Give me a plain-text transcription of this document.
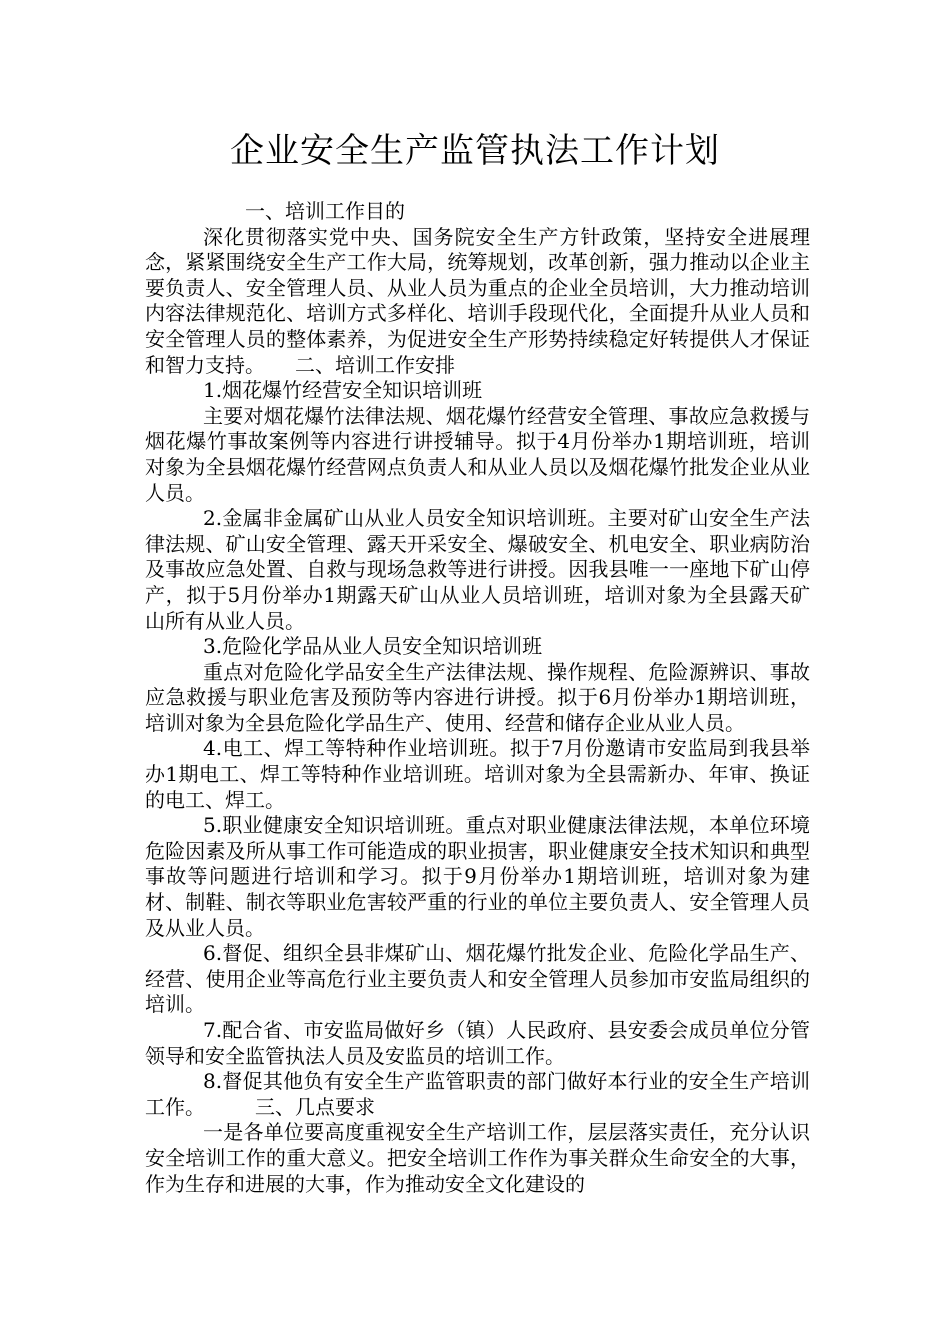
企业安全生产监管执法工作计划

一、培训工作目的

深化贯彻落实党中央、国务院安全生产方针政策，坚持安全进展理念，紧紧围绕安全生产工作大局，统筹规划，改革创新，强力推动以企业主要负责人、安全管理人员、从业人员为重点的企业全员培训，大力推动培训内容法律规范化、培训方式多样化、培训手段现代化，全面提升从业人员和安全管理人员的整体素养，为促进安全生产形势持续稳定好转提供人才保证和智力支持。　　二、培训工作安排

1.烟花爆竹经营安全知识培训班

主要对烟花爆竹法律法规、烟花爆竹经营安全管理、事故应急救援与烟花爆竹事故案例等内容进行讲授辅导。拟于4月份举办1期培训班，培训对象为全县烟花爆竹经营网点负责人和从业人员以及烟花爆竹批发企业从业人员。

2.金属非金属矿山从业人员安全知识培训班。主要对矿山安全生产法律法规、矿山安全管理、露天开采安全、爆破安全、机电安全、职业病防治及事故应急处置、自救与现场急救等进行讲授。因我县唯一一座地下矿山停产，拟于5月份举办1期露天矿山从业人员培训班，培训对象为全县露天矿山所有从业人员。

3.危险化学品从业人员安全知识培训班

重点对危险化学品安全生产法律法规、操作规程、危险源辨识、事故应急救援与职业危害及预防等内容进行讲授。拟于6月份举办1期培训班，培训对象为全县危险化学品生产、使用、经营和储存企业从业人员。

4.电工、焊工等特种作业培训班。拟于7月份邀请市安监局到我县举办1期电工、焊工等特种作业培训班。培训对象为全县需新办、年审、换证的电工、焊工。

5.职业健康安全知识培训班。重点对职业健康法律法规，本单位环境危险因素及所从事工作可能造成的职业损害，职业健康安全技术知识和典型事故等问题进行培训和学习。拟于9月份举办1期培训班，培训对象为建材、制鞋、制衣等职业危害较严重的行业的单位主要负责人、安全管理人员及从业人员。

6.督促、组织全县非煤矿山、烟花爆竹批发企业、危险化学品生产、经营、使用企业等高危行业主要负责人和安全管理人员参加市安监局组织的培训。

7.配合省、市安监局做好乡（镇）人民政府、县安委会成员单位分管领导和安全监管执法人员及安监员的培训工作。

8.督促其他负有安全生产监管职责的部门做好本行业的安全生产培训工作。　　　三、几点要求

一是各单位要高度重视安全生产培训工作，层层落实责任，充分认识安全培训工作的重大意义。把安全培训工作作为事关群众生命安全的大事，作为生存和进展的大事，作为推动安全文化建设的
